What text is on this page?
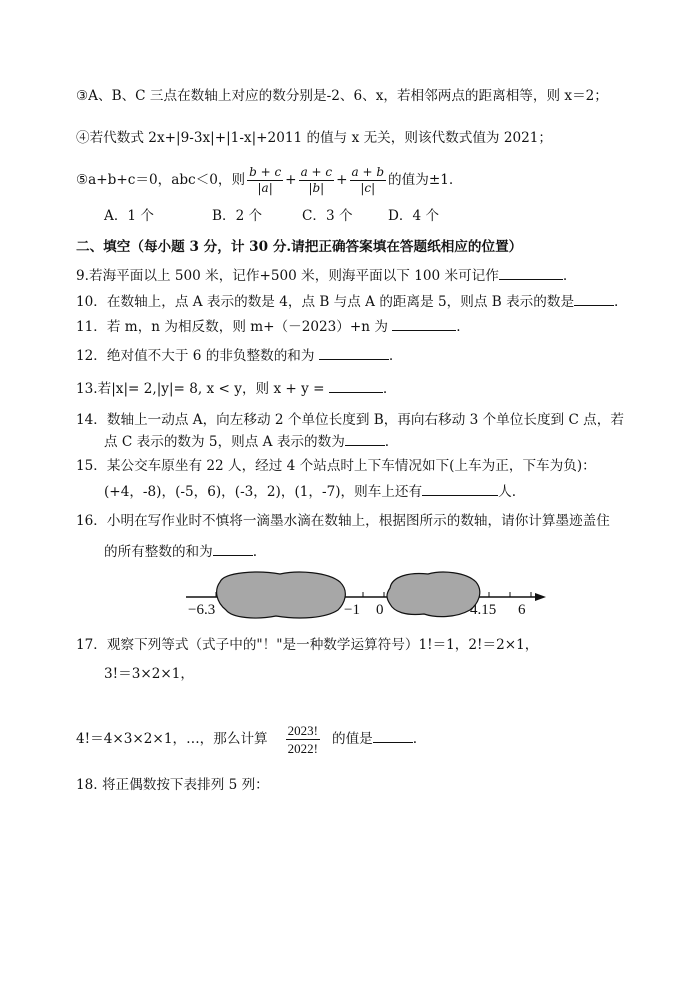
③A、B、C 三点在数轴上对应的数分别是-2、6、x，若相邻两点的距离相等，则 x＝2；
④若代数式 2x+|9-3x|+|1-x|+2011 的值与 x 无关，则该代数式值为 2021；
⑤a+b+c＝0，abc＜0，则 $\frac{b + c}{|a|} + \frac{a + c}{|b|} + \frac{a + b}{|c|}$ 的值为±1.
A．1 个	B．2 个	C．3 个	D．4 个
二、填空（每小题 3 分，计 30 分.请把正确答案填在答题纸相应的位置）
9.若海平面以上 500 米，记作+500 米，则海平面以下 100 米可记作	.
10．在数轴上，点 A 表示的数是 4，点 B 与点 A 的距离是 5，则点 B 表示的数是	.
11．若 m，n 为相反数，则 m+（－2023）+n 为	.
12．绝对值不大于 6 的非负整数的和为	.
13.若|x|= 2,|y|= 8, x < y，则 x + y =	.
14．数轴上一动点 A，向左移动 2 个单位长度到 B，再向右移动 3 个单位长度到 C 点，若
点 C 表示的数为 5，则点 A 表示的数为	.
15．某公交车原坐有 22 人，经过 4 个站点时上下车情况如下(上车为正，下车为负)：
(+4，-8)，(-5，6)，(-3，2)，(1，-7)，则车上还有	人.
16．小明在写作业时不慎将一滴墨水滴在数轴上，根据图所示的数轴，请你计算墨迹盖住
的所有整数的和为	.
−6.3	−1 0	4.15 6
17．观察下列等式（式子中的"！"是一种数学运算符号）1!＝1，2!＝2×1，
3!＝3×2×1，
4!＝4×3×2×1，…，那么计算 $\frac{2023!}{2022!}$ 的值是	.
18. 将正偶数按下表排列 5 列：
